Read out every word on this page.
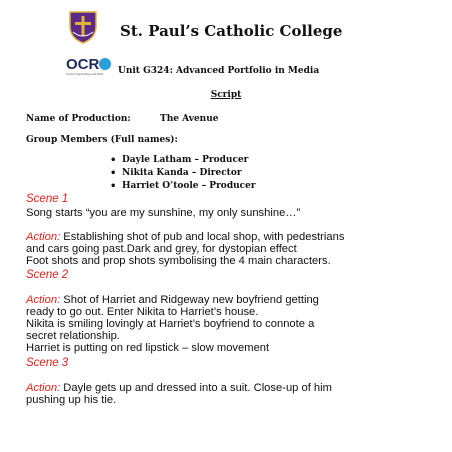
St. Paul’s Catholic College
OCR
Oxford Cambridge and RSA Unit G324: Advanced Portfolio in Media
Script
Name of Production:	The Avenue
Group Members (Full names):
• Dayle Latham – Producer
• Nikita Kanda – Director
• Harriet O’toole – Producer
Scene 1
Song starts “you are my sunshine, my only sunshine…”
Action: Establishing shot of pub and local shop, with pedestrians
and cars going past.Dark and grey, for dystopian effect
Foot shots and prop shots symbolising the 4 main characters.
Scene 2
Action: Shot of Harriet and Ridgeway new boyfriend getting
ready to go out. Enter Nikita to Harriet’s house.
Nikita is smiling lovingly at Harriet’s boyfriend to connote a
secret relationship.
Harriet is putting on red lipstick – slow movement
Scene 3
Action: Dayle gets up and dressed into a suit. Close-up of him
pushing up his tie.
